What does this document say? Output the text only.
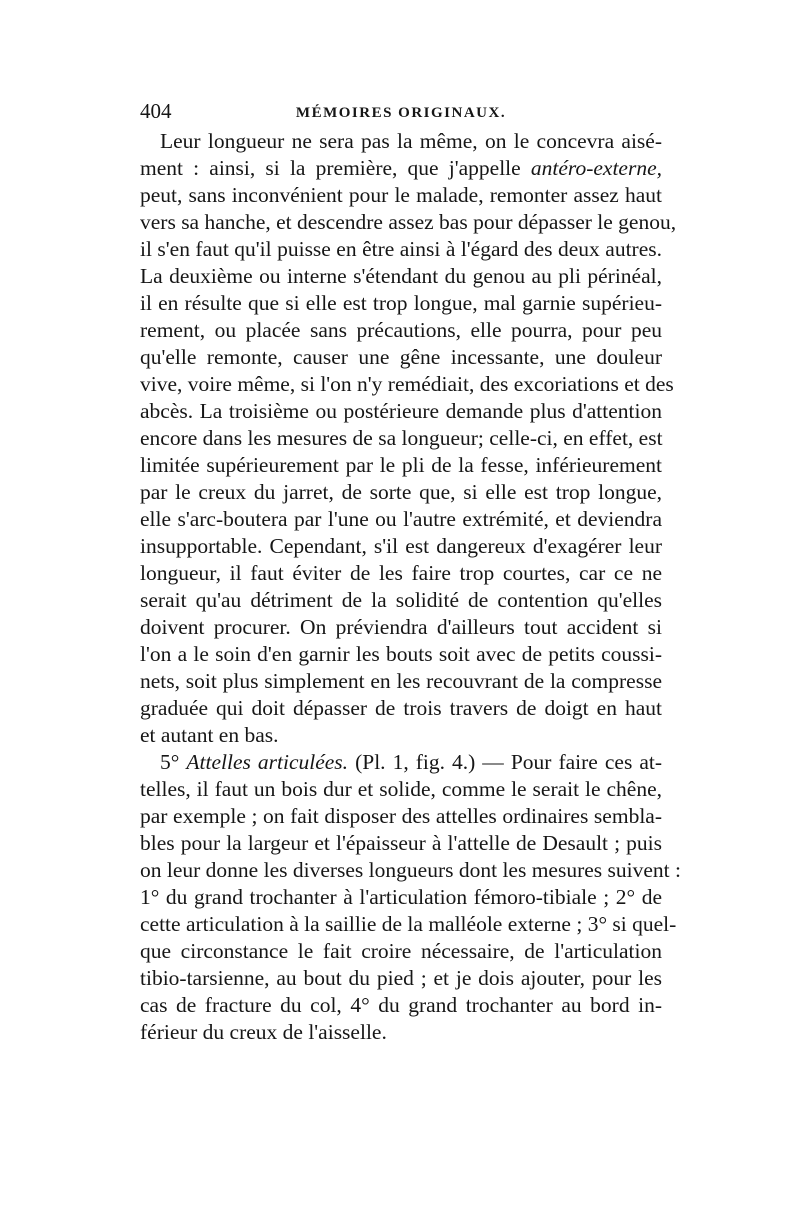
404	MÉMOIRES ORIGINAUX.
Leur longueur ne sera pas la même, on le concevra aisé-
ment : ainsi, si la première, que j'appelle antéro-externe,
peut, sans inconvénient pour le malade, remonter assez haut
vers sa hanche, et descendre assez bas pour dépasser le genou,
il s'en faut qu'il puisse en être ainsi à l'égard des deux autres.
La deuxième ou interne s'étendant du genou au pli périnéal,
il en résulte que si elle est trop longue, mal garnie supérieu-
rement, ou placée sans précautions, elle pourra, pour peu
qu'elle remonte, causer une gêne incessante, une douleur
vive, voire même, si l'on n'y remédiait, des excoriations et des
abcès. La troisième ou postérieure demande plus d'attention
encore dans les mesures de sa longueur; celle-ci, en effet, est
limitée supérieurement par le pli de la fesse, inférieurement
par le creux du jarret, de sorte que, si elle est trop longue,
elle s'arc-boutera par l'une ou l'autre extrémité, et deviendra
insupportable. Cependant, s'il est dangereux d'exagérer leur
longueur, il faut éviter de les faire trop courtes, car ce ne
serait qu'au détriment de la solidité de contention qu'elles
doivent procurer. On préviendra d'ailleurs tout accident si
l'on a le soin d'en garnir les bouts soit avec de petits coussi-
nets, soit plus simplement en les recouvrant de la compresse
graduée qui doit dépasser de trois travers de doigt en haut
et autant en bas.
5° Attelles articulées. (Pl. 1, fig. 4.) — Pour faire ces at-
telles, il faut un bois dur et solide, comme le serait le chêne,
par exemple ; on fait disposer des attelles ordinaires sembla-
bles pour la largeur et l'épaisseur à l'attelle de Desault ; puis
on leur donne les diverses longueurs dont les mesures suivent :
1° du grand trochanter à l'articulation fémoro-tibiale ; 2° de
cette articulation à la saillie de la malléole externe ; 3° si quel-
que circonstance le fait croire nécessaire, de l'articulation
tibio-tarsienne, au bout du pied ; et je dois ajouter, pour les
cas de fracture du col, 4° du grand trochanter au bord in-
férieur du creux de l'aisselle.
